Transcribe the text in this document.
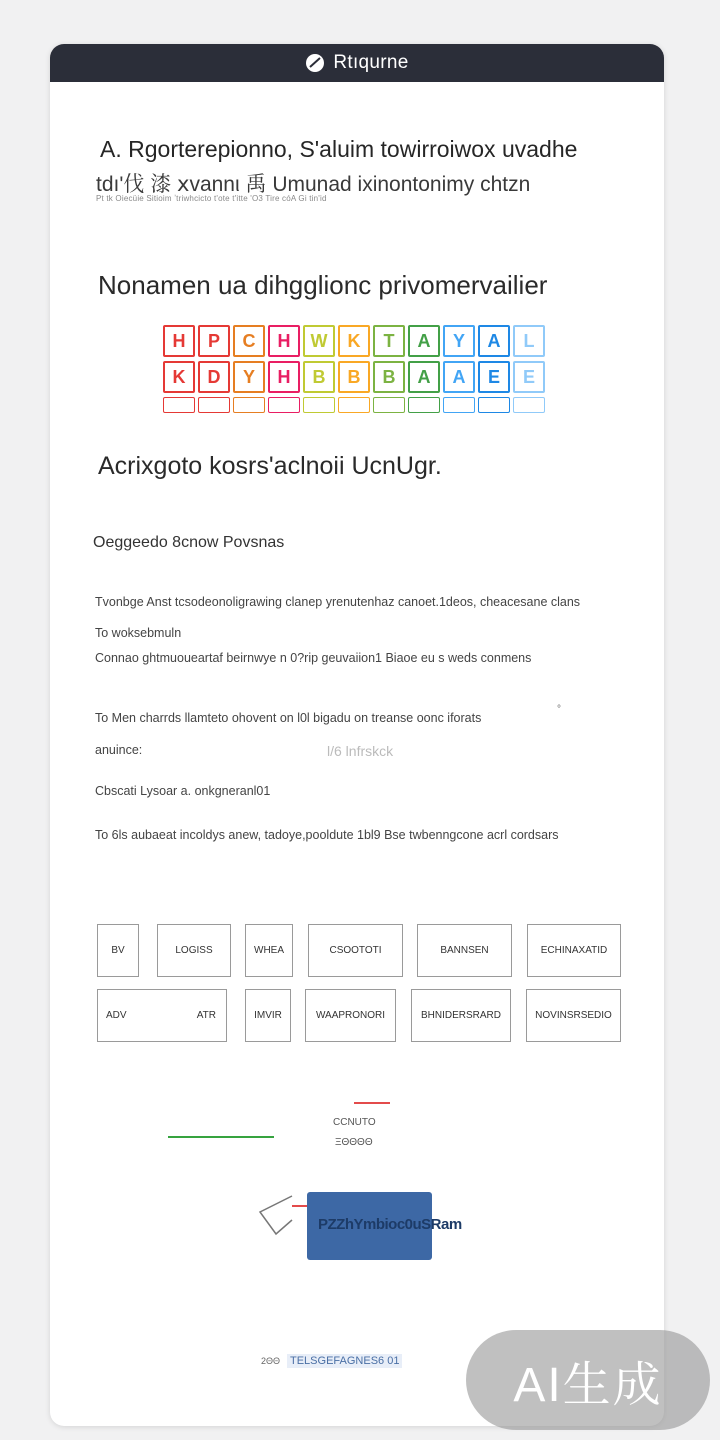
Rtıqurne
A. Rgorterepionno, S'aluim towirroiwox uvadhe
tdı'伐 漆 ⅹvannι 禹 Umunad ixinontonimy chtzn
Pt tk Oiecüie Sitioim ʼtriwhcicto t'ote t'itte 'O3 Tire cóA Gi tin'id
Nonamen ua dihgglionc privomervailier
H	P	C	H	W	K	T	A	Y	A	L
K	D	Y	H	B	B	B	A	A	E	E
Acrixgoto kosrs'aclnoii UcnUgr.
Oeggeedo 8cnow Povsnas
Tvonbge Anst tcsodeonoligrawing clanep yrenutenhaz canoet.1deos, cheacesane clans
To woksebmuln
Connao ghtmuoueartaf beirnwye n 0?rip geuvaiion1 Biaoe eu s weds conmens
To Men charrds llamteto ohovent on l0l bigadu on treanse oonc iforats
°
anuince:	l/6 lnfrskck
Cbscati Lysoar a. onkgneranl01
To 6ls aubaeat incoldys anew, tadoye,pooldute 1bl9 Bse twbenngcone acrl cordsars
BV	LOGISS	WHEA	CSOOTOTI	BANNSEN	ECHINAXATID
ADV	ATR	IMVIR	WAAPRONORI	BHNIDERSRARD	NOVINSRSEDIO
CCNUTO
ΞΘΘΘΘ
PZZhYmbioc0uSRam
2ΘΘ TELSGEFAGNES6 01	AI生成
